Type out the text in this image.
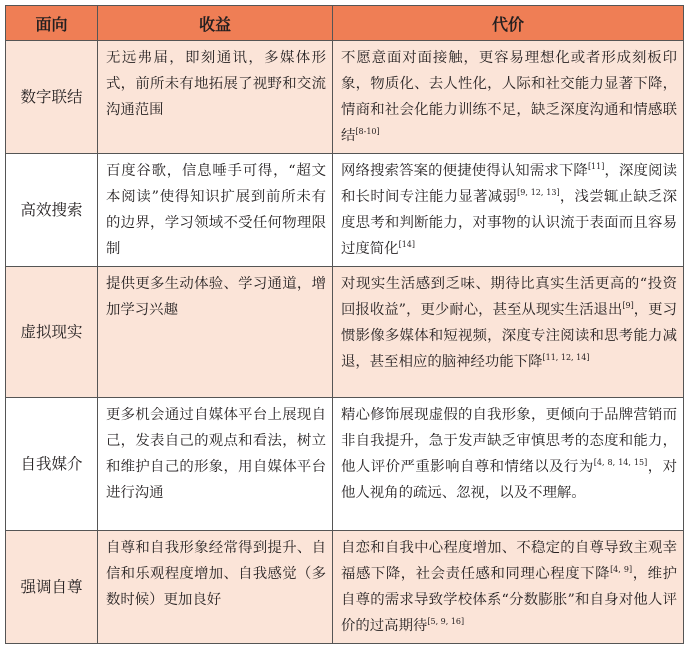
面向	收益	代价
数字联结	无远弗届，即刻通讯，多媒体形式，前所未有地拓展了视野和交流沟通范围	不愿意面对面接触，更容易理想化或者形成刻板印象，物质化、去人性化，人际和社交能力显著下降，情商和社会化能力训练不足，缺乏深度沟通和情感联结[8-10]
高效搜索	百度谷歌，信息唾手可得，“超文本阅读”使得知识扩展到前所未有的边界，学习领域不受任何物理限制	网络搜索答案的便捷使得认知需求下降[11]，深度阅读和长时间专注能力显著减弱[9, 12, 13]，浅尝辄止缺乏深度思考和判断能力，对事物的认识流于表面而且容易过度简化[14]
虚拟现实	提供更多生动体验、学习通道，增加学习兴趣	对现实生活感到乏味、期待比真实生活更高的“投资回报收益”，更少耐心，甚至从现实生活退出[9]，更习惯影像多媒体和短视频，深度专注阅读和思考能力减退，甚至相应的脑神经功能下降[11, 12, 14]
自我媒介	更多机会通过自媒体平台上展现自己，发表自己的观点和看法，树立和维护自己的形象，用自媒体平台进行沟通	精心修饰展现虚假的自我形象，更倾向于品牌营销而非自我提升，急于发声缺乏审慎思考的态度和能力，他人评价严重影响自尊和情绪以及行为[4, 8, 14, 15]，对他人视角的疏远、忽视，以及不理解。
强调自尊	自尊和自我形象经常得到提升、自信和乐观程度增加、自我感觉（多数时候）更加良好	自恋和自我中心程度增加、不稳定的自尊导致主观幸福感下降，社会责任感和同理心程度下降[4, 9]，维护自尊的需求导致学校体系“分数膨胀”和自身对他人评价的过高期待[5, 9, 16]
